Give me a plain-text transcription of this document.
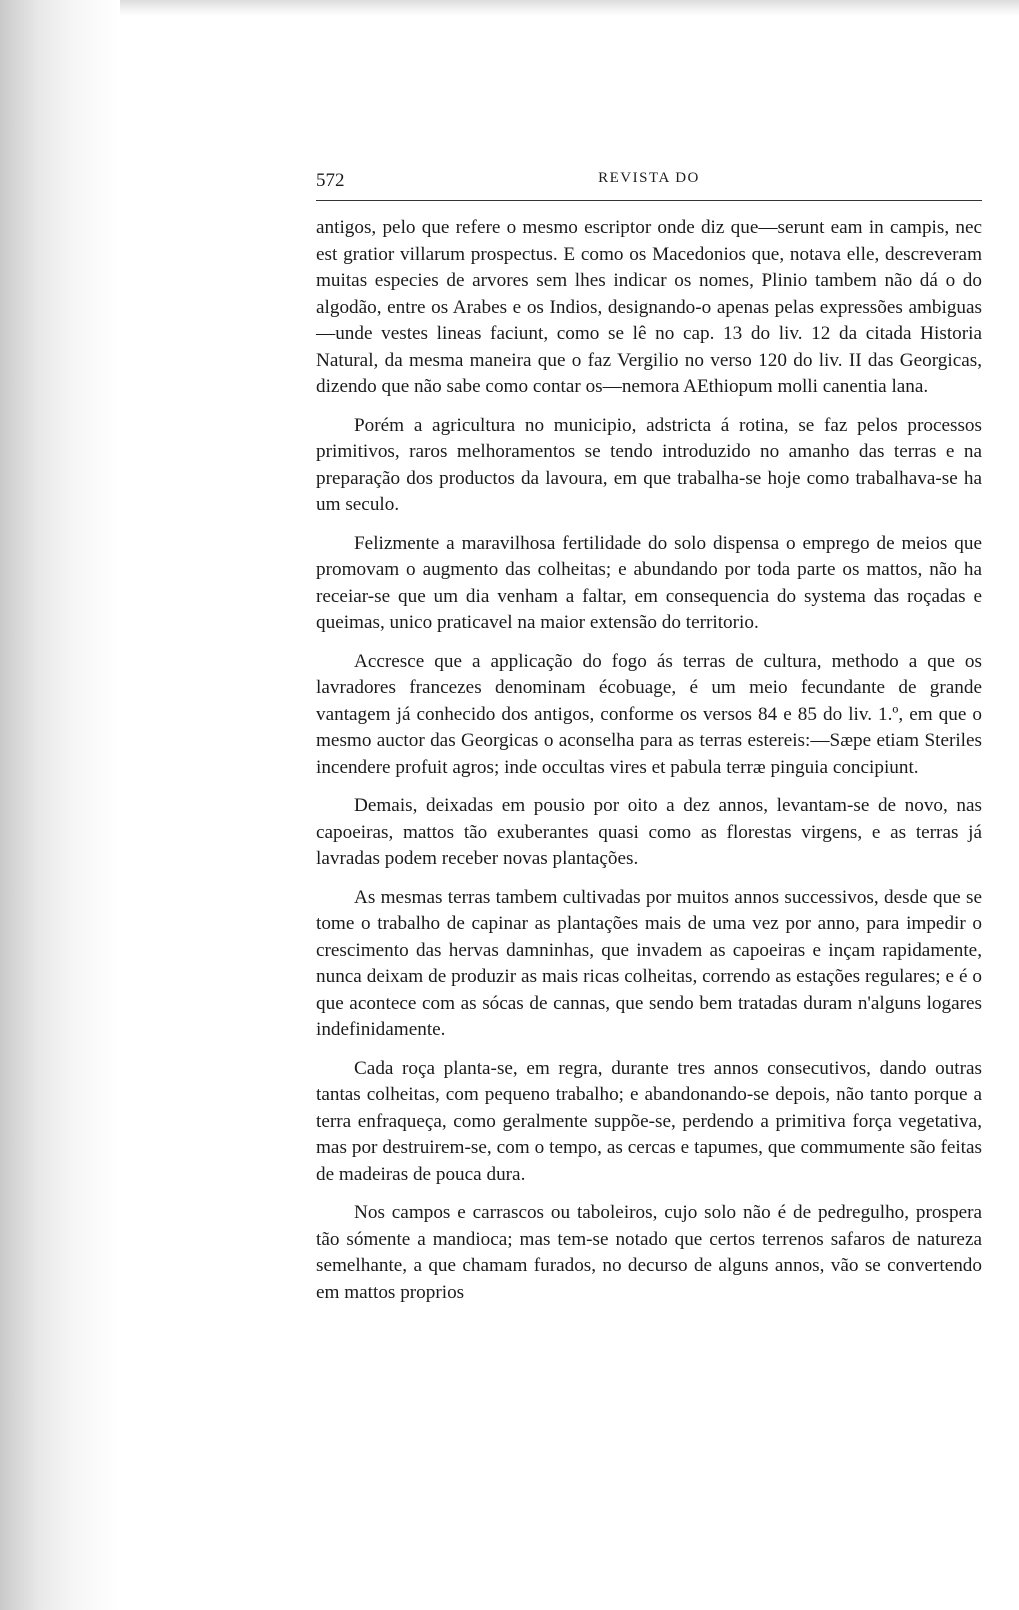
572	REVISTA DO

antigos, pelo que refere o mesmo escriptor onde diz que—serunt eam in campis, nec est gratior villarum prospectus. E como os Macedonios que, notava elle, descreveram muitas especies de arvores sem lhes indicar os nomes, Plinio tambem não dá o do algodão, entre os Arabes e os Indios, designando-o apenas pelas expressões ambiguas—unde vestes lineas faciunt, como se lê no cap. 13 do liv. 12 da citada Historia Natural, da mesma maneira que o faz Vergilio no verso 120 do liv. II das Georgicas, dizendo que não sabe como contar os—nemora AEthiopum molli canentia lana.

Porém a agricultura no municipio, adstricta á rotina, se faz pelos processos primitivos, raros melhoramentos se tendo introduzido no amanho das terras e na preparação dos productos da lavoura, em que trabalha-se hoje como trabalhava-se ha um seculo.

Felizmente a maravilhosa fertilidade do solo dispensa o emprego de meios que promovam o augmento das colheitas; e abundando por toda parte os mattos, não ha receiar-se que um dia venham a faltar, em consequencia do systema das roçadas e queimas, unico praticavel na maior extensão do territorio.

Accresce que a applicação do fogo ás terras de cultura, methodo a que os lavradores francezes denominam écobuage, é um meio fecundante de grande vantagem já conhecido dos antigos, conforme os versos 84 e 85 do liv. 1.º, em que o mesmo auctor das Georgicas o aconselha para as terras estereis:—Sæpe etiam Steriles incendere profuit agros; inde occultas vires et pabula terræ pinguia concipiunt.

Demais, deixadas em pousio por oito a dez annos, levantam-se de novo, nas capoeiras, mattos tão exuberantes quasi como as florestas virgens, e as terras já lavradas podem receber novas plantações.

As mesmas terras tambem cultivadas por muitos annos successivos, desde que se tome o trabalho de capinar as plantações mais de uma vez por anno, para impedir o crescimento das hervas damninhas, que invadem as capoeiras e inçam rapidamente, nunca deixam de produzir as mais ricas colheitas, correndo as estações regulares; e é o que acontece com as sócas de cannas, que sendo bem tratadas duram n'alguns logares indefinidamente.

Cada roça planta-se, em regra, durante tres annos consecutivos, dando outras tantas colheitas, com pequeno trabalho; e abandonando-se depois, não tanto porque a terra enfraqueça, como geralmente suppõe-se, perdendo a primitiva força vegetativa, mas por destruirem-se, com o tempo, as cercas e tapumes, que commumente são feitas de madeiras de pouca dura.

Nos campos e carrascos ou taboleiros, cujo solo não é de pedregulho, prospera tão sómente a mandioca; mas tem-se notado que certos terrenos safaros de natureza semelhante, a que chamam furados, no decurso de alguns annos, vão se convertendo em mattos proprios
